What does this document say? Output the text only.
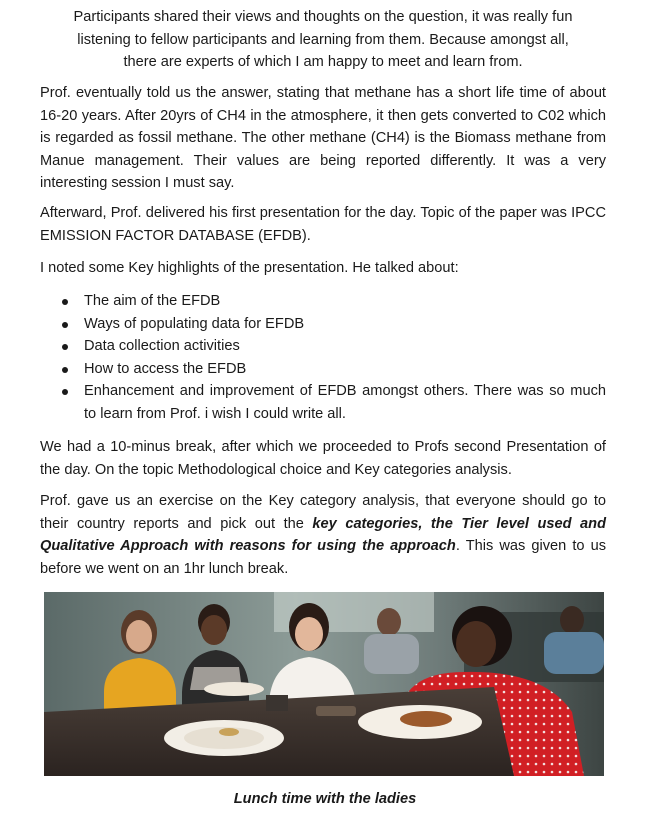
Participants shared their views and thoughts on the question, it was really fun
listening to fellow participants and learning from them. Because amongst all,
there are experts of which I am happy to meet and learn from.

Prof. eventually told us the answer, stating that methane has a short life time of about 16-20 years. After 20yrs of CH4 in the atmosphere, it then gets converted to C02 which is regarded as fossil methane. The other methane (CH4) is the Biomass methane from Manue management. Their values are being reported differently. It was a very interesting session I must say.

Afterward, Prof. delivered his first presentation for the day. Topic of the paper was IPCC EMISSION FACTOR DATABASE (EFDB).

I noted some Key highlights of the presentation. He talked about:

The aim of the EFDB
Ways of populating data for EFDB
Data collection activities
How to access the EFDB
Enhancement and improvement of EFDB amongst others. There was so much to learn from Prof. i wish I could write all.

We had a 10-minus break, after which we proceeded to Profs second Presentation of the day. On the topic Methodological choice and Key categories analysis.

Prof. gave us an exercise on the Key category analysis, that everyone should go to their country reports and pick out the key categories, the Tier level used and Qualitative Approach with reasons for using the approach. This was given to us before we went on an 1hr lunch break.

Lunch time with the ladies
